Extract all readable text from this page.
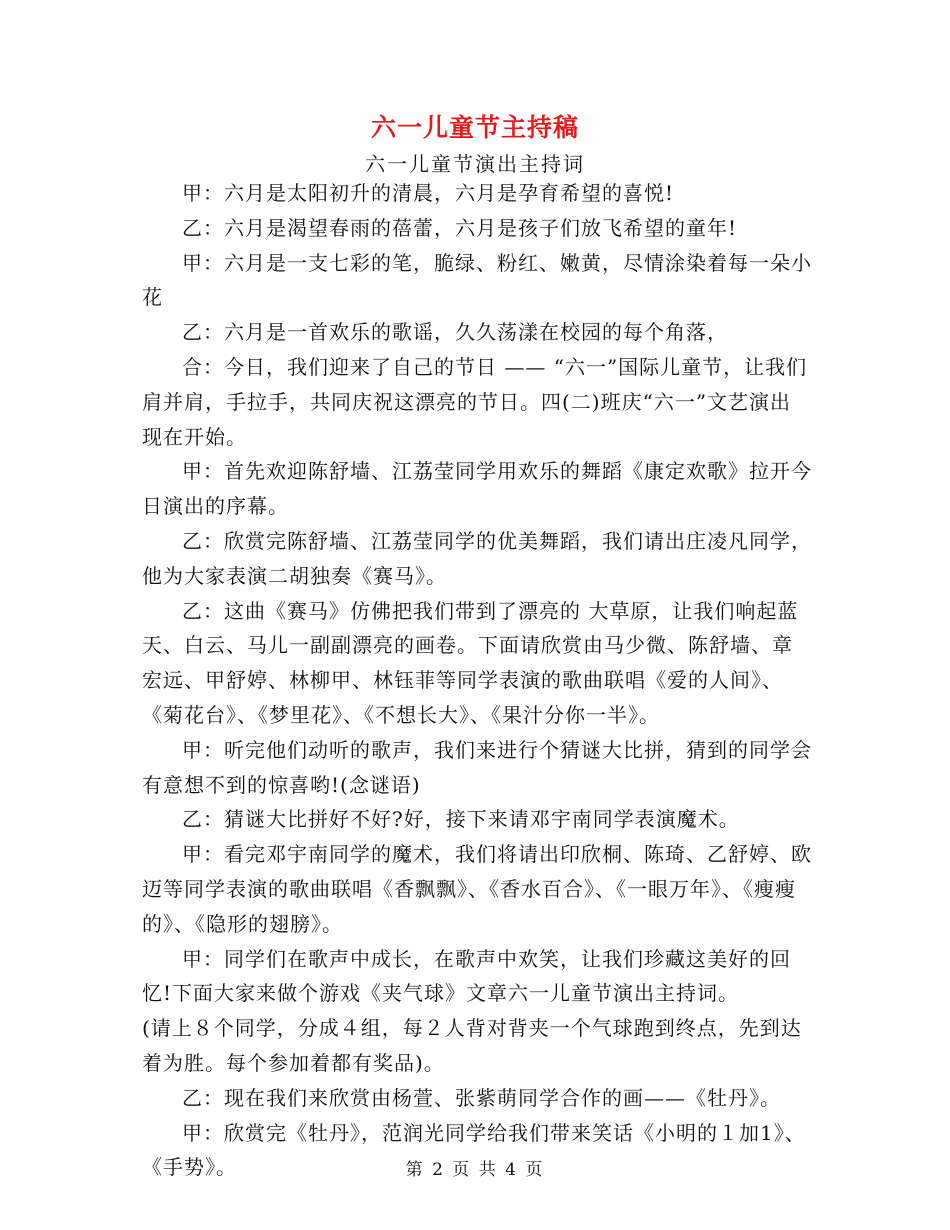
六一儿童节主持稿
六一儿童节演出主持词

甲：六月是太阳初升的清晨，六月是孕育希望的喜悦!

乙：六月是渴望春雨的蓓蕾，六月是孩子们放飞希望的童年!

甲：六月是一支七彩的笔，脆绿、粉红、嫩黄，尽情涂染着每一朵小花

乙：六月是一首欢乐的歌谣，久久荡漾在校园的每个角落，

合：今日，我们迎来了自己的节日 —— “六一”国际儿童节，让我们肩并肩，手拉手，共同庆祝这漂亮的节日。四(二)班庆“六一”文艺演出现在开始。

甲：首先欢迎陈舒墙、江荔莹同学用欢乐的舞蹈《康定欢歌》拉开今日演出的序幕。

乙：欣赏完陈舒墙、江荔莹同学的优美舞蹈，我们请出庄凌凡同学，他为大家表演二胡独奏《赛马》。

乙：这曲《赛马》仿佛把我们带到了漂亮的 大草原，让我们响起蓝天、白云、马儿一副副漂亮的画卷。下面请欣赏由马少微、陈舒墙、章宏远、甲舒婷、林柳甲、林钰菲等同学表演的歌曲联唱《爱的人间》、《菊花台》、《梦里花》、《不想长大》、《果汁分你一半》。

甲：听完他们动听的歌声，我们来进行个猜谜大比拼，猜到的同学会有意想不到的惊喜哟!(念谜语)

乙：猜谜大比拼好不好?好，接下来请邓宇南同学表演魔术。

甲：看完邓宇南同学的魔术，我们将请出印欣桐、陈琦、乙舒婷、欧迈等同学表演的歌曲联唱《香飘飘》、《香水百合》、《一眼万年》、《瘦瘦的》、《隐形的翅膀》。

甲：同学们在歌声中成长，在歌声中欢笑，让我们珍藏这美好的回忆!下面大家来做个游戏《夹气球》文章六一儿童节演出主持词。

(请上８个同学，分成４组，每２人背对背夹一个气球跑到终点，先到达着为胜。每个参加着都有奖品)。

乙：现在我们来欣赏由杨萱、张紫萌同学合作的画——《牡丹》。

甲：欣赏完《牡丹》，范润光同学给我们带来笑话《小明的１加1》、《手势》。	第 2 页 共 4 页
